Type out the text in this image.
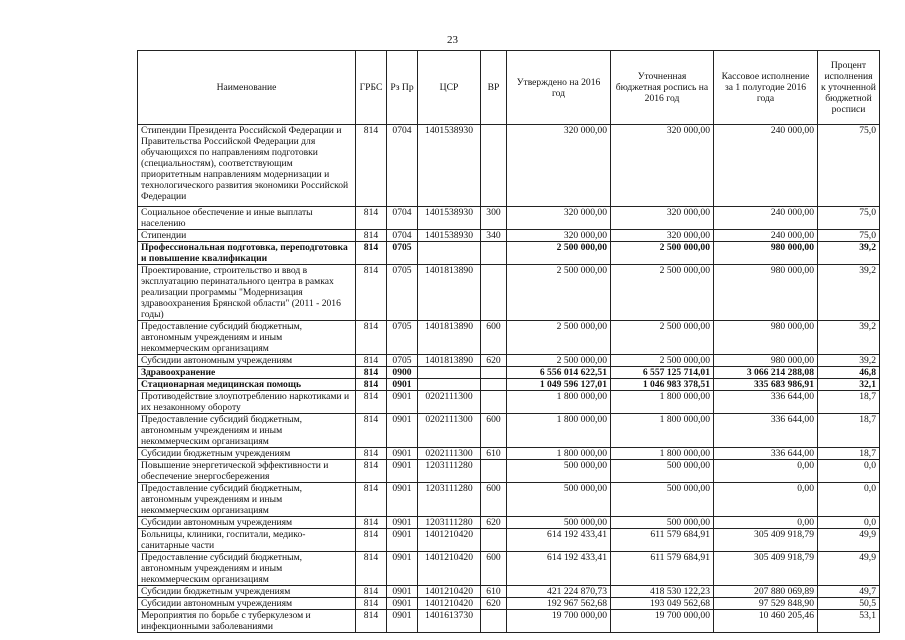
23
Наименование	ГРБС	Рз Пр	ЦСР	ВР	Утверждено на 2016 год	Уточненная бюджетная роспись на 2016 год	Кассовое исполнение за 1 полугодие 2016 года	Процент исполнения к уточненной бюджетной росписи
Стипендии Президента Российской Федерации и Правительства Российской Федерации для обучающихся по направлениям подготовки (специальностям), соответствующим приоритетным направлениям модернизации и технологического развития экономики Российской Федерации	814	0704	1401538930		320 000,00	320 000,00	240 000,00	75,0
Социальное обеспечение и иные выплаты населению	814	0704	1401538930	300	320 000,00	320 000,00	240 000,00	75,0
Стипендии	814	0704	1401538930	340	320 000,00	320 000,00	240 000,00	75,0
Профессиональная подготовка, переподготовка и повышение квалификации	814	0705			2 500 000,00	2 500 000,00	980 000,00	39,2
Проектирование, строительство и ввод в эксплуатацию перинатального центра в рамках реализации программы "Модернизация здравоохранения Брянской области" (2011 - 2016 годы)	814	0705	1401813890		2 500 000,00	2 500 000,00	980 000,00	39,2
Предоставление субсидий бюджетным, автономным учреждениям и иным некоммерческим организациям	814	0705	1401813890	600	2 500 000,00	2 500 000,00	980 000,00	39,2
Субсидии автономным учреждениям	814	0705	1401813890	620	2 500 000,00	2 500 000,00	980 000,00	39,2
Здравоохранение	814	0900			6 556 014 622,51	6 557 125 714,01	3 066 214 288,08	46,8
Стационарная медицинская помощь	814	0901			1 049 596 127,01	1 046 983 378,51	335 683 986,91	32,1
Противодействие злоупотреблению наркотиками и их незаконному обороту	814	0901	0202111300		1 800 000,00	1 800 000,00	336 644,00	18,7
Предоставление субсидий бюджетным, автономным учреждениям и иным некоммерческим организациям	814	0901	0202111300	600	1 800 000,00	1 800 000,00	336 644,00	18,7
Субсидии бюджетным учреждениям	814	0901	0202111300	610	1 800 000,00	1 800 000,00	336 644,00	18,7
Повышение энергетической эффективности и обеспечение энергосбережения	814	0901	1203111280		500 000,00	500 000,00	0,00	0,0
Предоставление субсидий бюджетным, автономным учреждениям и иным некоммерческим организациям	814	0901	1203111280	600	500 000,00	500 000,00	0,00	0,0
Субсидии автономным учреждениям	814	0901	1203111280	620	500 000,00	500 000,00	0,00	0,0
Больницы, клиники, госпитали, медико-санитарные части	814	0901	1401210420		614 192 433,41	611 579 684,91	305 409 918,79	49,9
Предоставление субсидий бюджетным, автономным учреждениям и иным некоммерческим организациям	814	0901	1401210420	600	614 192 433,41	611 579 684,91	305 409 918,79	49,9
Субсидии бюджетным учреждениям	814	0901	1401210420	610	421 224 870,73	418 530 122,23	207 880 069,89	49,7
Субсидии автономным учреждениям	814	0901	1401210420	620	192 967 562,68	193 049 562,68	97 529 848,90	50,5
Мероприятия по борьбе с туберкулезом и инфекционными заболеваниями	814	0901	1401613730		19 700 000,00	19 700 000,00	10 460 205,46	53,1
